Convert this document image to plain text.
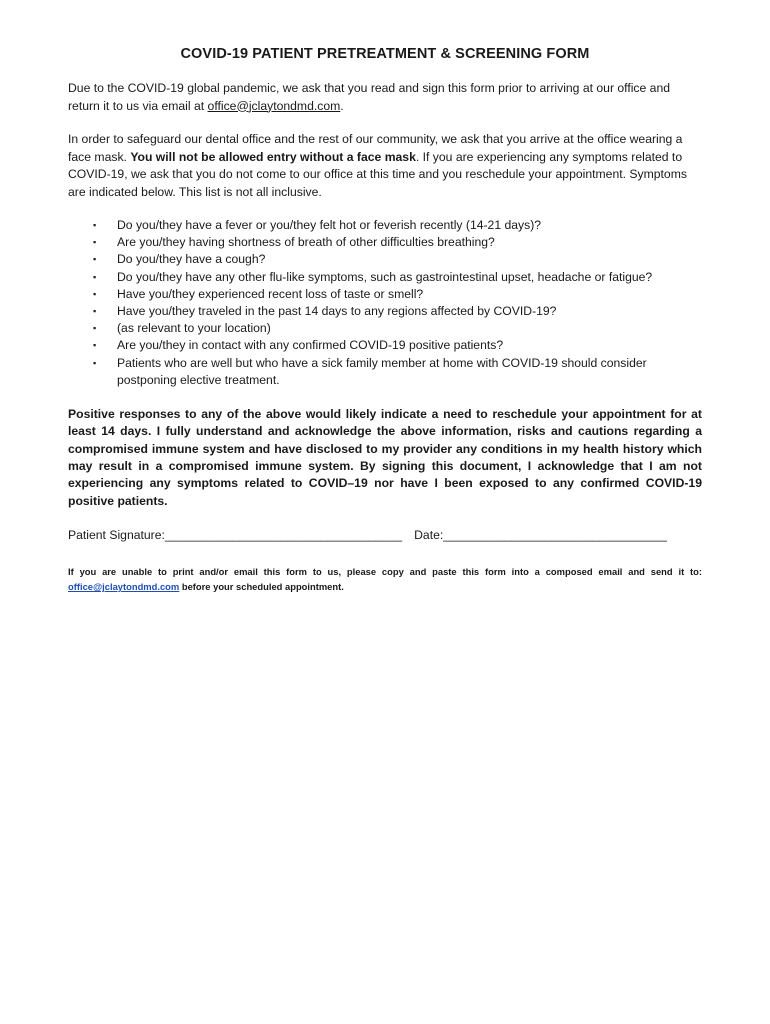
COVID-19 PATIENT PRETREATMENT & SCREENING FORM

Due to the COVID-19 global pandemic, we ask that you read and sign this form prior to arriving at our office and return it to us via email at office@jclaytondmd.com.

In order to safeguard our dental office and the rest of our community, we ask that you arrive at the office wearing a face mask. You will not be allowed entry without a face mask. If you are experiencing any symptoms related to COVID-19, we ask that you do not come to our office at this time and you reschedule your appointment. Symptoms are indicated below. This list is not all inclusive.

▪ Do you/they have a fever or you/they felt hot or feverish recently (14-21 days)?
▪ Are you/they having shortness of breath of other difficulties breathing?
▪ Do you/they have a cough?
▪ Do you/they have any other flu-like symptoms, such as gastrointestinal upset, headache or fatigue?
▪ Have you/they experienced recent loss of taste or smell?
▪ Have you/they traveled in the past 14 days to any regions affected by COVID-19?
▪ (as relevant to your location)
▪ Are you/they in contact with any confirmed COVID-19 positive patients?
▪ Patients who are well but who have a sick family member at home with COVID-19 should consider postponing elective treatment.

Positive responses to any of the above would likely indicate a need to reschedule your appointment for at least 14 days. I fully understand and acknowledge the above information, risks and cautions regarding a compromised immune system and have disclosed to my provider any conditions in my health history which may result in a compromised immune system. By signing this document, I acknowledge that I am not experiencing any symptoms related to COVID–19 nor have I been exposed to any confirmed COVID-19 positive patients.

Patient Signature:___________________________________ Date:_________________________________

If you are unable to print and/or email this form to us, please copy and paste this form into a composed email and send it to: office@jclaytondmd.com before your scheduled appointment.
